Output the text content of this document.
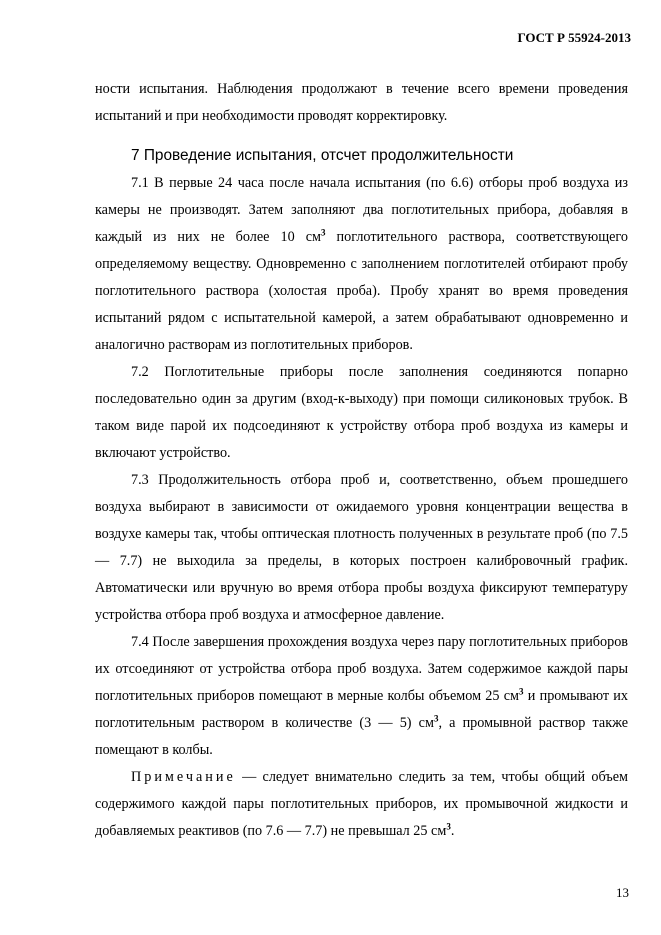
ГОСТ Р 55924-2013

ности испытания. Наблюдения продолжают в течение всего времени проведения испытаний и при необходимости проводят корректировку.

7 Проведение испытания, отсчет продолжительности

7.1 В первые 24 часа после начала испытания (по 6.6) отборы проб воздуха из камеры не производят. Затем заполняют два поглотительных прибора, добавляя в каждый из них не более 10 $см^3$ поглотительного раствора, соответствующего определяемому веществу. Одновременно с заполнением поглотителей отбирают пробу поглотительного раствора (холостая проба). Пробу хранят во время проведения испытаний рядом с испытательной камерой, а затем обрабатывают одновременно и аналогично растворам из поглотительных приборов.

7.2 Поглотительные приборы после заполнения соединяются попарно последовательно один за другим (вход-к-выходу) при помощи силиконовых трубок. В таком виде парой их подсоединяют к устройству отбора проб воздуха из камеры и включают устройство.

7.3 Продолжительность отбора проб и, соответственно, объем прошедшего воздуха выбирают в зависимости от ожидаемого уровня концентрации вещества в воздухе камеры так, чтобы оптическая плотность полученных в результате проб (по 7.5 — 7.7) не выходила за пределы, в которых построен калибровочный график. Автоматически или вручную во время отбора пробы воздуха фиксируют температуру устройства отбора проб воздуха и атмосферное давление.

7.4 После завершения прохождения воздуха через пару поглотительных приборов их отсоединяют от устройства отбора проб воздуха. Затем содержимое каждой пары поглотительных приборов помещают в мерные колбы объемом 25 $см^3$ и промывают их поглотительным раствором в количестве (3 — 5) $см^3$, а промывной раствор также помещают в колбы.

Примечание — следует внимательно следить за тем, чтобы общий объем содержимого каждой пары поглотительных приборов, их промывочной жидкости и добавляемых реактивов (по 7.6 — 7.7) не превышал 25 $см^3$.

13
